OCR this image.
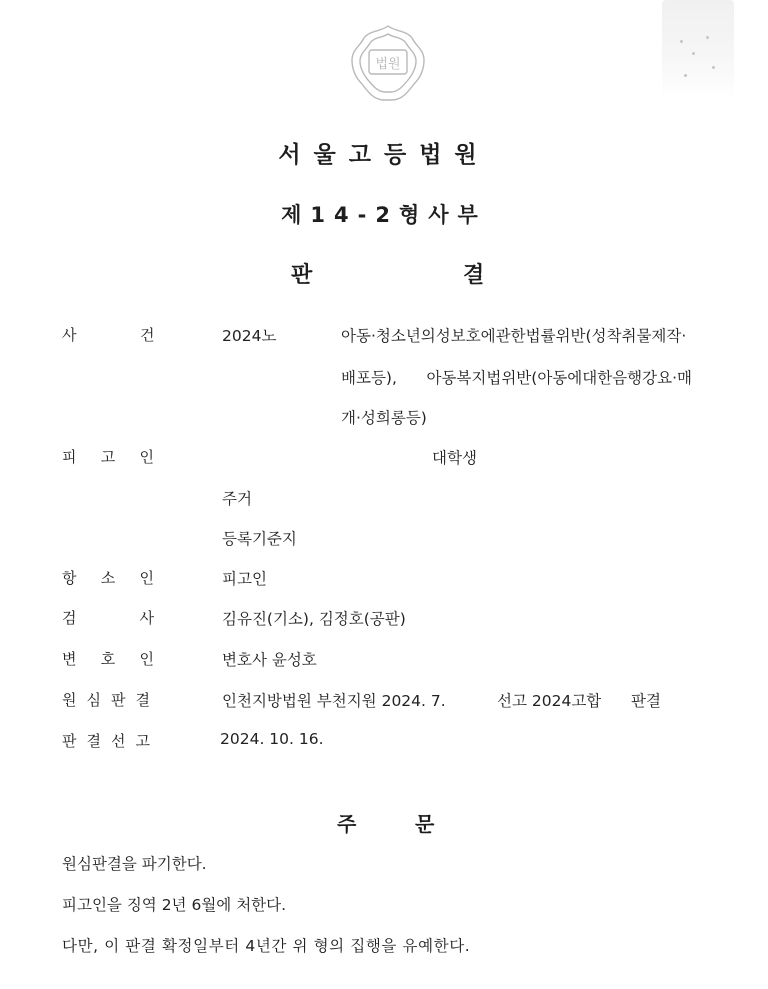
법원
서울고등법원
제14-2형사부
판	결
사	건	2024노	아동·청소년의성보호에관한법률위반(성착취물제작·
배포등),      아동복지법위반(아동에대한음행강요·매
개·성희롱등)
피 고 인	대학생
주거
등록기준지
항 소 인	피고인
검	사	김유진(기소), 김정호(공판)
변 호 인	변호사 윤성호
원심판결	인천지방법원 부천지원 2024. 7.	선고 2024고합 판결
판결선고	2024. 10. 16.
주	문
원심판결을 파기한다.
피고인을 징역 2년 6월에 처한다.
다만, 이 판결 확정일부터 4년간 위 형의 집행을 유예한다.
